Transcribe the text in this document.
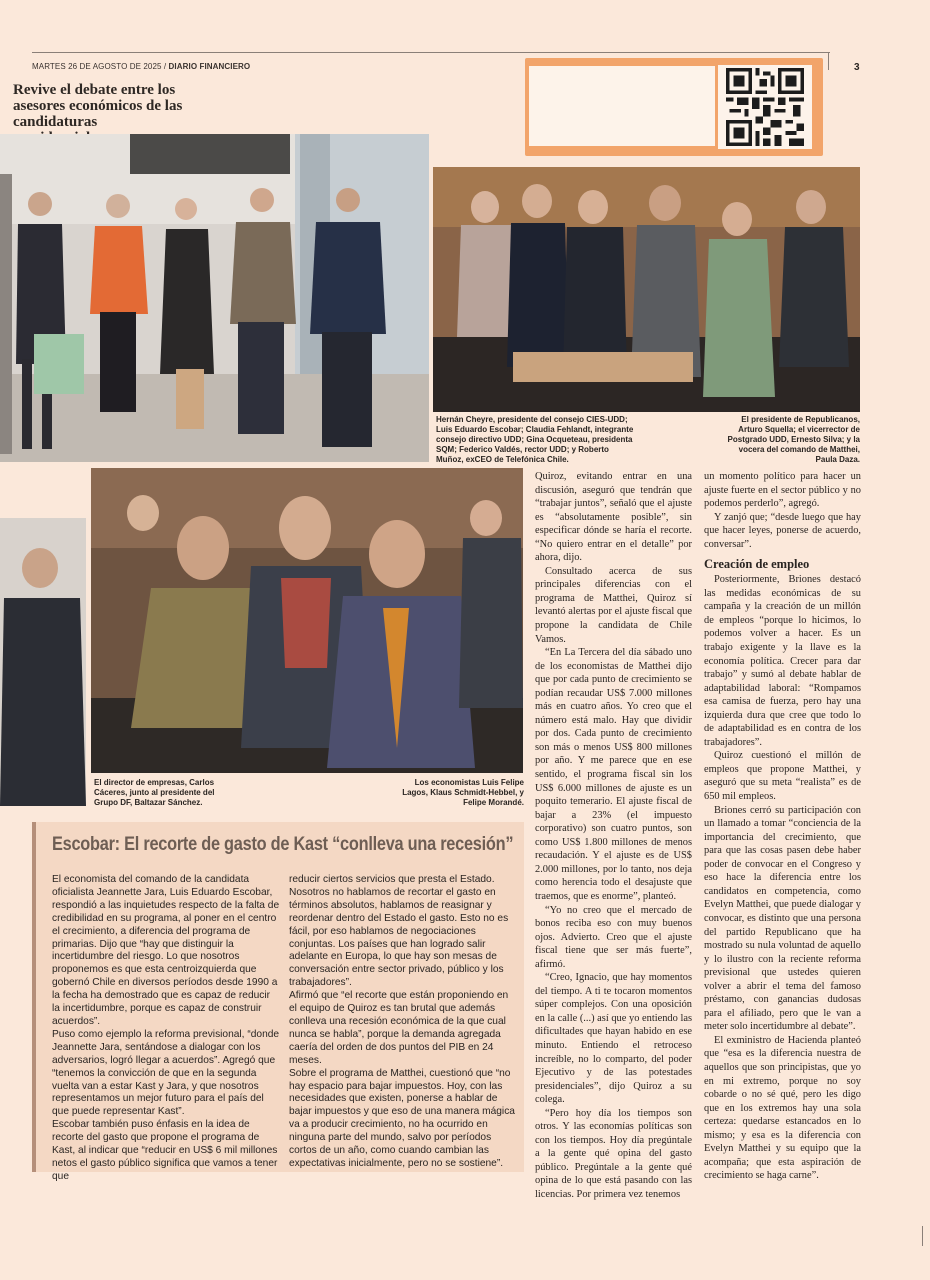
MARTES 26 DE AGOSTO DE 2025 / DIARIO FINANCIERO	3
Revive el debate entre los asesores económicos de las candidaturas
Hernán Cheyre, presidente del consejo CIES-UDD; Luis Eduardo Escobar; Claudia Fehlandt, integrante consejo directivo UDD; Gina Ocqueteau, presidenta SQM; Federico Valdés, rector UDD; y Roberto Muñoz, exCEO de Telefónica Chile.
El presidente de Republicanos, Arturo Squella; el vicerrector de Postgrado UDD, Ernesto Silva; y la vocera del comando de Matthei, Paula Daza.
El director de empresas, Carlos Cáceres, junto al presidente del Grupo DF, Baltazar Sánchez.
Los economistas Luis Felipe Lagos, Klaus Schmidt-Hebbel, y Felipe Morandé.
Escobar: El recorte de gasto de Kast “conlleva una recesión”

El economista del comando de la candidata oficialista Jeannette Jara, Luis Eduardo Escobar, respondió a las inquietudes respecto de la falta de credibilidad en su programa, al poner en el centro el crecimiento, a diferencia del programa de primarias. Dijo que “hay que distinguir la incertidumbre del riesgo. Lo que nosotros proponemos es que esta centroizquierda que gobernó Chile en diversos períodos desde 1990 a la fecha ha demostrado que es capaz de reducir la incertidumbre, porque es capaz de construir acuerdos”.

Puso como ejemplo la reforma previsional, “donde Jeannette Jara, sentándose a dialogar con los adversarios, logró llegar a acuerdos”. Agregó que “tenemos la convicción de que en la segunda vuelta van a estar Kast y Jara, y que nosotros representamos un mejor futuro para el país del que puede representar Kast”.

Escobar también puso énfasis en la idea de recorte del gasto que propone el programa de Kast, al indicar que “reducir en US$ 6 mil millones netos el gasto público significa que vamos a tener que

reducir ciertos servicios que presta el Estado. Nosotros no hablamos de recortar el gasto en términos absolutos, hablamos de reasignar y reordenar dentro del Estado el gasto. Esto no es fácil, por eso hablamos de negociaciones conjuntas. Los países que han logrado salir adelante en Europa, lo que hay son mesas de conversación entre sector privado, público y los trabajadores”.

Afirmó que “el recorte que están proponiendo en el equipo de Quiroz es tan brutal que además conlleva una recesión económica de la que cual nunca se habla”, porque la demanda agregada caería del orden de dos puntos del PIB en 24 meses.

Sobre el programa de Matthei, cuestionó que “no hay espacio para bajar impuestos. Hoy, con las necesidades que existen, ponerse a hablar de bajar impuestos y que eso de una manera mágica va a producir crecimiento, no ha ocurrido en ninguna parte del mundo, salvo por períodos cortos de un año, como cuando cambian las expectativas inicialmente, pero no se sostiene”.

Quiroz, evitando entrar en una discusión, aseguró que tendrán que “trabajar juntos”, señaló que el ajuste es “absolutamente posible”, sin especificar dónde se haría el recorte. “No quiero entrar en el detalle” por ahora, dijo.

Consultado acerca de sus principales diferencias con el programa de Matthei, Quiroz sí levantó alertas por el ajuste fiscal que propone la candidata de Chile Vamos.

“En La Tercera del día sábado uno de los economistas de Matthei dijo que por cada punto de crecimiento se podían recaudar US$ 7.000 millones más en cuatro años. Yo creo que el número está malo. Hay que dividir por dos. Cada punto de crecimiento son más o menos US$ 800 millones por año. Y me parece que en ese sentido, el programa fiscal sin los US$ 6.000 millones de ajuste es un poquito temerario. El ajuste fiscal de bajar a 23% (el impuesto corporativo) son cuatro puntos, son como US$ 1.800 millones de menos recaudación. Y el ajuste es de US$ 2.000 millones, por lo tanto, nos deja como herencia todo el desajuste que traemos, que es enorme”, planteó.

“Yo no creo que el mercado de bonos reciba eso con muy buenos ojos. Advierto. Creo que el ajuste fiscal tiene que ser más fuerte”, afirmó.

“Creo, Ignacio, que hay momentos del tiempo. A ti te tocaron momentos súper complejos. Con una oposición en la calle (...) así que yo entiendo las dificultades que hayan habido en ese minuto. Entiendo el retroceso increíble, no lo comparto, del poder Ejecutivo y de las potestades presidenciales”, dijo Quiroz a su colega.

“Pero hoy día los tiempos son otros. Y las economías políticas son con los tiempos. Hoy día pregúntale a la gente qué opina del gasto público. Pregúntale a la gente qué opina de lo que está pasando con las licencias. Por primera vez tenemos

un momento político para hacer un ajuste fuerte en el sector público y no podemos perderlo”, agregó.

Y zanjó que; “desde luego que hay que hacer leyes, ponerse de acuerdo, conversar”.

Creación de empleo

Posteriormente, Briones destacó las medidas económicas de su campaña y la creación de un millón de empleos “porque lo hicimos, lo podemos volver a hacer. Es un trabajo exigente y la llave es la economía política. Crecer para dar trabajo” y sumó al debate hablar de adaptabilidad laboral: “Rompamos esa camisa de fuerza, pero hay una izquierda dura que cree que todo lo de adaptabilidad es en contra de los trabajadores”.

Quiroz cuestionó el millón de empleos que propone Matthei, y aseguró que su meta “realista” es de 650 mil empleos.

Briones cerró su participación con un llamado a tomar “conciencia de la importancia del crecimiento, que para que las cosas pasen debe haber poder de convocar en el Congreso y eso hace la diferencia entre los candidatos en competencia, como Evelyn Matthei, que puede dialogar y convocar, es distinto que una persona del partido Republicano que ha mostrado su nula voluntad de aquello y lo ilustro con la reciente reforma previsional que ustedes quieren volver a abrir el tema del famoso préstamo, con ganancias dudosas para el afiliado, pero que le van a meter solo incertidumbre al debate”.

El exministro de Hacienda planteó que “esa es la diferencia nuestra de aquellos que son principistas, que yo en mi extremo, porque no soy cobarde o no sé qué, pero les digo que en los extremos hay una sola certeza: quedarse estancados en lo mismo; y esa es la diferencia con Evelyn Matthei y su equipo que la acompaña; que esta aspiración de crecimiento se haga carne”.
